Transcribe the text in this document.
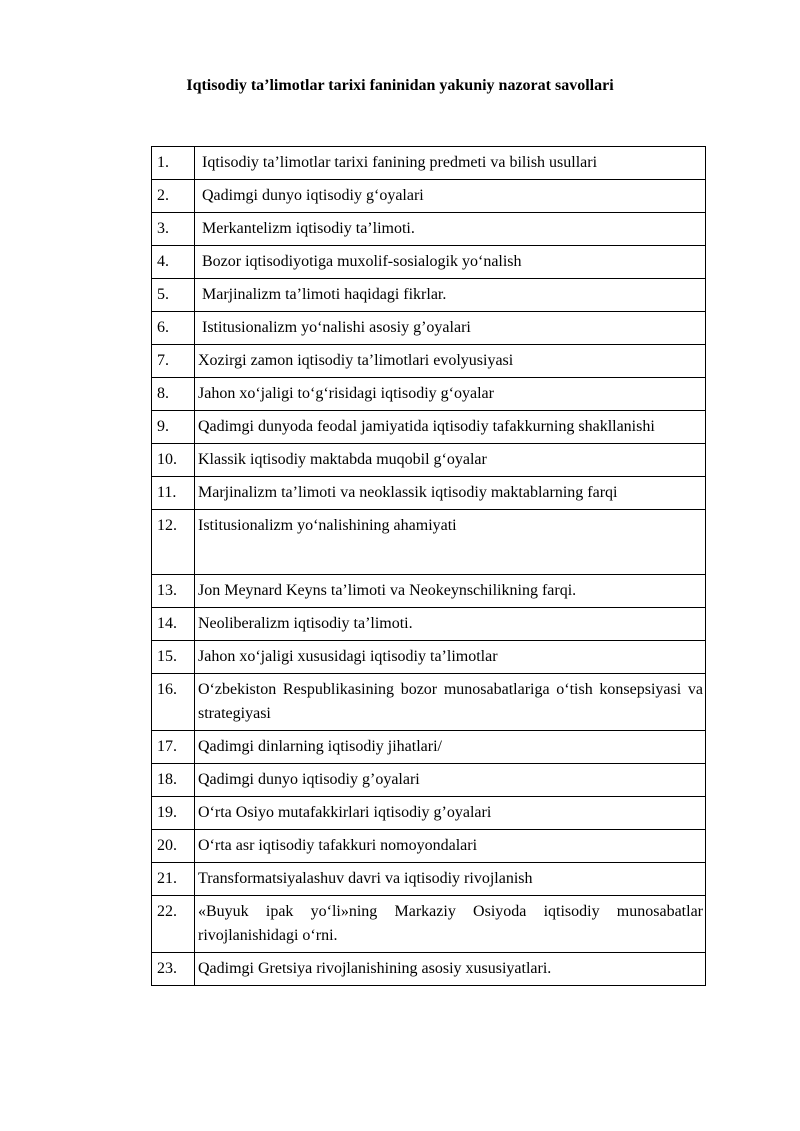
Iqtisodiy ta’limotlar tarixi faninidan yakuniy nazorat savollari
1.	Iqtisodiy ta’limotlar tarixi fanining predmeti va bilish usullari
2.	Qadimgi dunyo iqtisodiy g‘oyalari
3.	Merkantelizm iqtisodiy ta’limoti.
4.	Bozor iqtisodiyotiga muxolif-sosialogik yo‘nalish
5.	Marjinalizm ta’limoti haqidagi fikrlar.
6.	Istitusionalizm yo‘nalishi asosiy g’oyalari
7.	Xozirgi zamon iqtisodiy ta’limotlari evolyusiyasi
8.	Jahon xo‘jaligi to‘g‘risidagi iqtisodiy g‘oyalar
9.	Qadimgi dunyoda feodal jamiyatida iqtisodiy tafakkurning shakllanishi
10.	Klassik iqtisodiy maktabda muqobil g‘oyalar
11.	Marjinalizm ta’limoti va neoklassik iqtisodiy maktablarning farqi
12.	Istitusionalizm yo‘nalishining ahamiyati
13.	Jon Meynard Keyns ta’limoti va Neokeynschilikning farqi.
14.	Neoliberalizm iqtisodiy ta’limoti.
15.	Jahon xo‘jaligi xususidagi iqtisodiy ta’limotlar
16.	O‘zbekiston Respublikasining bozor munosabatlariga o‘tish konsepsiyasi va strategiyasi
17.	Qadimgi dinlarning iqtisodiy jihatlari/
18.	Qadimgi dunyo iqtisodiy g’oyalari
19.	O‘rta Osiyo mutafakkirlari iqtisodiy g’oyalari
20.	O‘rta asr iqtisodiy tafakkuri nomoyondalari
21.	Transformatsiyalashuv davri va iqtisodiy rivojlanish
22.	«Buyuk ipak yo‘li»ning Markaziy Osiyoda iqtisodiy munosabatlar rivojlanishidagi o‘rni.
23.	Qadimgi Gretsiya rivojlanishining asosiy xususiyatlari.
